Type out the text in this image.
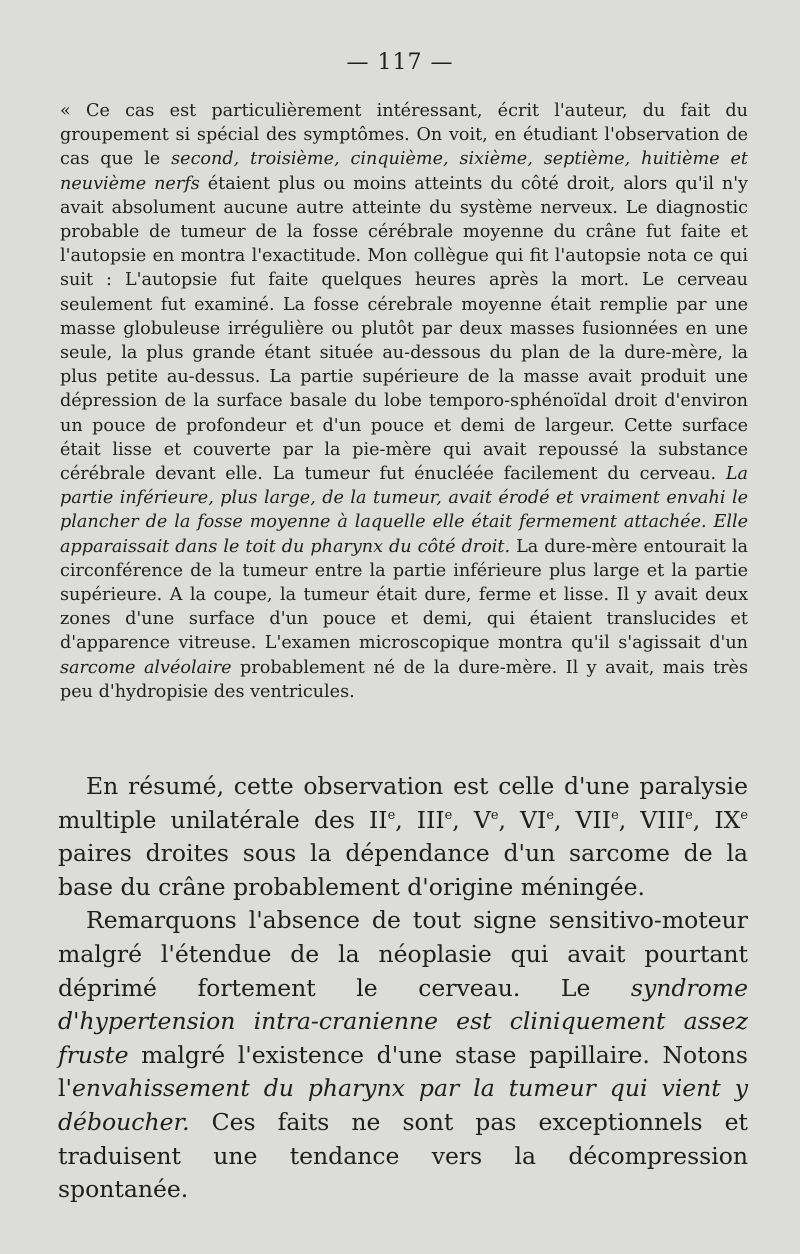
— 117 —

« Ce cas est particulièrement intéressant, écrit l'auteur, du fait du groupement si spécial des symptômes. On voit, en étudiant l'observation de cas que le second, troisième, cinquième, sixième, septième, huitième et neuvième nerfs étaient plus ou moins atteints du côté droit, alors qu'il n'y avait absolument aucune autre atteinte du système nerveux. Le diagnostic probable de tumeur de la fosse cérébrale moyenne du crâne fut faite et l'autopsie en montra l'exactitude. Mon collègue qui fit l'autopsie nota ce qui suit : L'autopsie fut faite quelques heures après la mort. Le cerveau seulement fut examiné. La fosse cérebrale moyenne était remplie par une masse globuleuse irrégulière ou plutôt par deux masses fusionnées en une seule, la plus grande étant située au-dessous du plan de la dure-mère, la plus petite au-dessus. La partie supérieure de la masse avait produit une dépression de la surface basale du lobe temporo-sphénoïdal droit d'environ un pouce de profondeur et d'un pouce et demi de largeur. Cette surface était lisse et couverte par la pie-mère qui avait repoussé la substance cérébrale devant elle. La tumeur fut énucléée facilement du cerveau. La partie inférieure, plus large, de la tumeur, avait érodé et vraiment envahi le plancher de la fosse moyenne à laquelle elle était fermement attachée. Elle apparaissait dans le toit du pharynx du côté droit. La dure-mère entourait la circonférence de la tumeur entre la partie inférieure plus large et la partie supérieure. A la coupe, la tumeur était dure, ferme et lisse. Il y avait deux zones d'une surface d'un pouce et demi, qui étaient translucides et d'apparence vitreuse. L'examen microscopique montra qu'il s'agissait d'un sarcome alvéolaire probablement né de la dure-mère. Il y avait, mais très peu d'hydropisie des ventricules.

En résumé, cette observation est celle d'une paralysie multiple unilatérale des IIe, IIIe, Ve, VIe, VIIe, VIIIe, IXe paires droites sous la dépendance d'un sarcome de la base du crâne probablement d'origine méningée.

Remarquons l'absence de tout signe sensitivo-moteur malgré l'étendue de la néoplasie qui avait pourtant déprimé fortement le cerveau. Le syndrome d'hypertension intra-cranienne est cliniquement assez fruste malgré l'existence d'une stase papillaire. Notons l'envahissement du pharynx par la tumeur qui vient y déboucher. Ces faits ne sont pas exceptionnels et traduisent une tendance vers la décompression spontanée.
